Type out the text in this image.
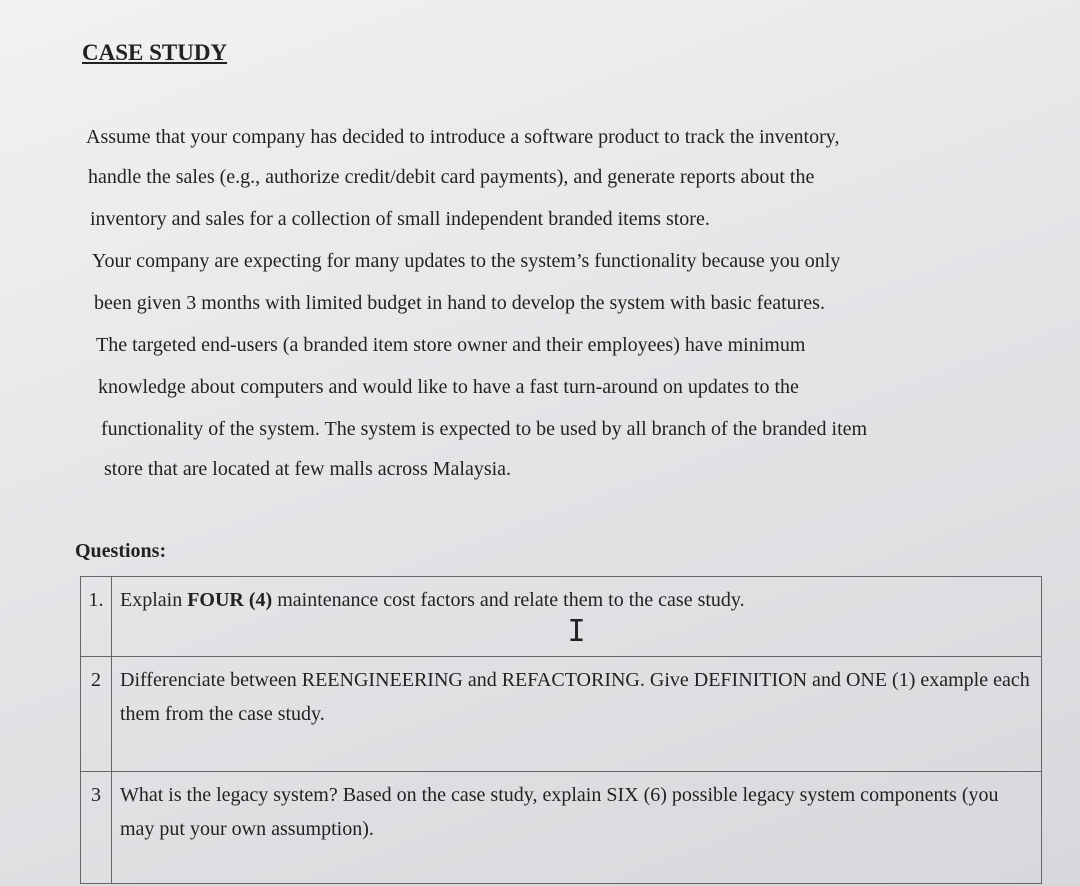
CASE STUDY
Assume that your company has decided to introduce a software product to track the inventory,
handle the sales (e.g., authorize credit/debit card payments), and generate reports about the
inventory and sales for a collection of small independent branded items store.
Your company are expecting for many updates to the system’s functionality because you only
been given 3 months with limited budget in hand to develop the system with basic features.
The targeted end-users (a branded item store owner and their employees) have minimum
knowledge about computers and would like to have a fast turn-around on updates to the
functionality of the system. The system is expected to be used by all branch of the branded item
store that are located at few malls across Malaysia.
Questions:
1.	Explain FOUR (4) maintenance cost factors and relate them to the case study.
I

2	Differenciate between REENGINEERING and REFACTORING. Give DEFINITION and ONE (1) example each them from the case study.
3	What is the legacy system? Based on the case study, explain SIX (6) possible legacy system components (you may put your own assumption).
